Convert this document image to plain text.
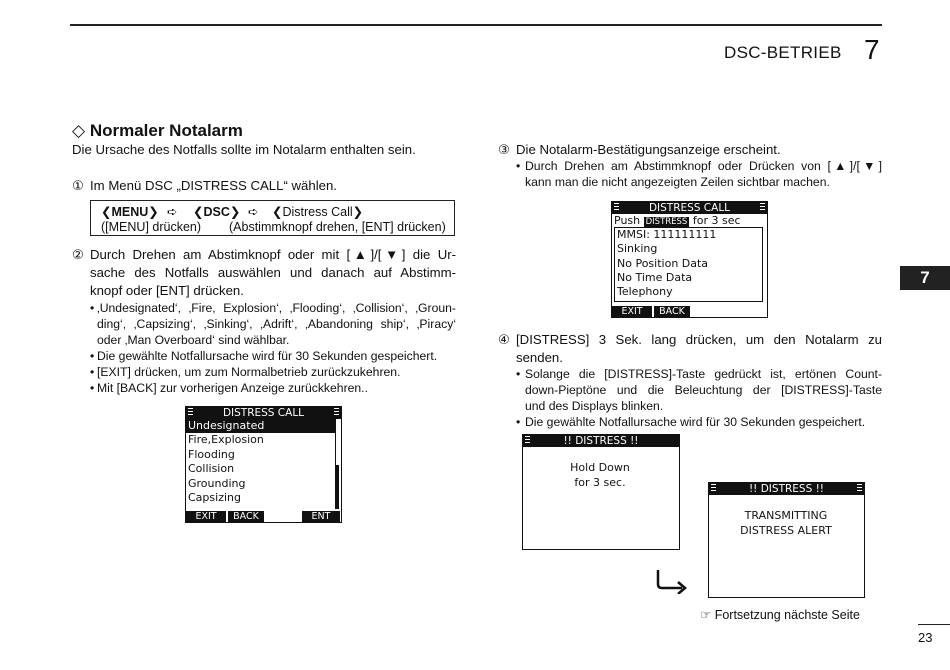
DSC-BETRIEB 7
7
◇ Normaler Notalarm
Die Ursache des Notfalls sollte im Notalarm enthalten sein.
① Im Menü DSC „DISTRESS CALL“ wählen.
❮MENU❯ ➪ ❮DSC❯ ➪ ❮Distress Call❯
([MENU] drücken) (Abstimmknopf drehen, [ENT] drücken)
② Durch Drehen am Abstimknopf oder mit [▲]/[▼] die Ur-
sache des Notfalls auswählen und danach auf Abstimm-
knopf oder [ENT] drücken.
• ‚Undesignated‘, ‚Fire, Explosion‘, ‚Flooding‘, ‚Collision‘, ‚Groun-
ding‘, ‚Capsizing‘, ‚Sinking‘, ‚Adrift‘, ‚Abandoning ship‘, ‚Piracy‘
oder ‚Man Overboard‘ sind wählbar.
• Die gewählte Notfallursache wird für 30 Sekunden gespeichert.
• [EXIT] drücken, um zum Normalbetrieb zurückzukehren.
• Mit [BACK] zur vorherigen Anzeige zurückkehren..
DISTRESS CALL
Undesignated
Fire,Explosion
Flooding
Collision
Grounding
Capsizing
EXIT	BACK	ENT
③ Die Notalarm-Bestätigungsanzeige erscheint.
• Durch Drehen am Abstimmknopf oder Drücken von [▲]/[▼]
kann man die nicht angezeigten Zeilen sichtbar machen.
DISTRESS CALL
Push DISTRESS for 3 sec
MMSI: 111111111
Sinking
No Position Data
No Time Data
Telephony
EXIT	BACK
④ [DISTRESS] 3 Sek. lang drücken, um den Notalarm zu
senden.
• Solange die [DISTRESS]-Taste gedrückt ist, ertönen Count-
down-Pieptöne und die Beleuchtung der [DISTRESS]-Taste
und des Displays blinken.
• Die gewählte Notfallursache wird für 30 Sekunden gespeichert.
!! DISTRESS !!
Hold Down
for 3 sec.
!! DISTRESS !!
TRANSMITTING
DISTRESS ALERT
☞ Fortsetzung nächste Seite
23
